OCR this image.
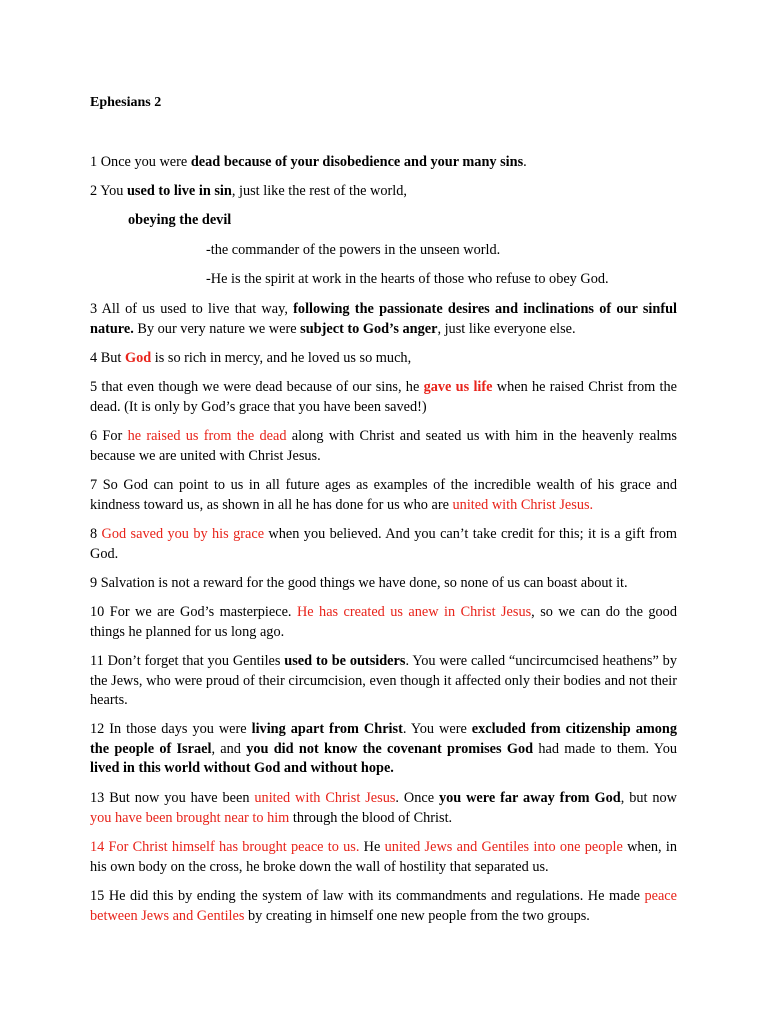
Ephesians 2
1 Once you were dead because of your disobedience and your many sins.
2 You used to live in sin, just like the rest of the world,
obeying the devil
-the commander of the powers in the unseen world.
-He is the spirit at work in the hearts of those who refuse to obey God.
3 All of us used to live that way, following the passionate desires and inclinations of our sinful nature. By our very nature we were subject to God’s anger, just like everyone else.
4 But God is so rich in mercy, and he loved us so much,
5 that even though we were dead because of our sins, he gave us life when he raised Christ from the dead. (It is only by God’s grace that you have been saved!)
6 For he raised us from the dead along with Christ and seated us with him in the heavenly realms because we are united with Christ Jesus.
7 So God can point to us in all future ages as examples of the incredible wealth of his grace and kindness toward us, as shown in all he has done for us who are united with Christ Jesus.
8 God saved you by his grace when you believed. And you can’t take credit for this; it is a gift from God.
9 Salvation is not a reward for the good things we have done, so none of us can boast about it.
10 For we are God’s masterpiece. He has created us anew in Christ Jesus, so we can do the good things he planned for us long ago.
11 Don’t forget that you Gentiles used to be outsiders. You were called “uncircumcised heathens” by the Jews, who were proud of their circumcision, even though it affected only their bodies and not their hearts.
12 In those days you were living apart from Christ. You were excluded from citizenship among the people of Israel, and you did not know the covenant promises God had made to them. You lived in this world without God and without hope.
13 But now you have been united with Christ Jesus. Once you were far away from God, but now you have been brought near to him through the blood of Christ.
14 For Christ himself has brought peace to us. He united Jews and Gentiles into one people when, in his own body on the cross, he broke down the wall of hostility that separated us.
15 He did this by ending the system of law with its commandments and regulations. He made peace between Jews and Gentiles by creating in himself one new people from the two groups.
